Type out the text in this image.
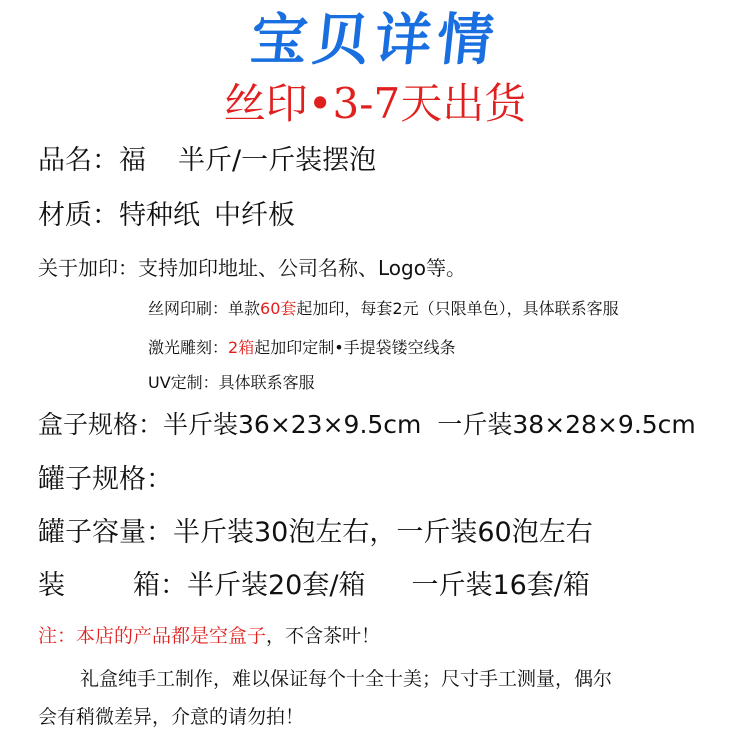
宝贝详情
丝印•3-7天出货
品名：福 半斤/一斤装摆泡
材质：特种纸 中纤板
关于加印：支持加印地址、公司名称、Logo等。
丝网印刷：单款60套起加印，每套2元（只限单色），具体联系客服
激光雕刻：2箱起加印定制•手提袋镂空线条
UV定制：具体联系客服
盒子规格：半斤装36×23×9.5cm 一斤装38×28×9.5cm
罐子规格：
罐子容量：半斤装30泡左右，一斤装60泡左右
装	箱：半斤装20套/箱 一斤装16套/箱
注：本店的产品都是空盒子，不含茶叶！
礼盒纯手工制作，难以保证每个十全十美；尺寸手工测量，偶尔
会有稍微差异，介意的请勿拍！
